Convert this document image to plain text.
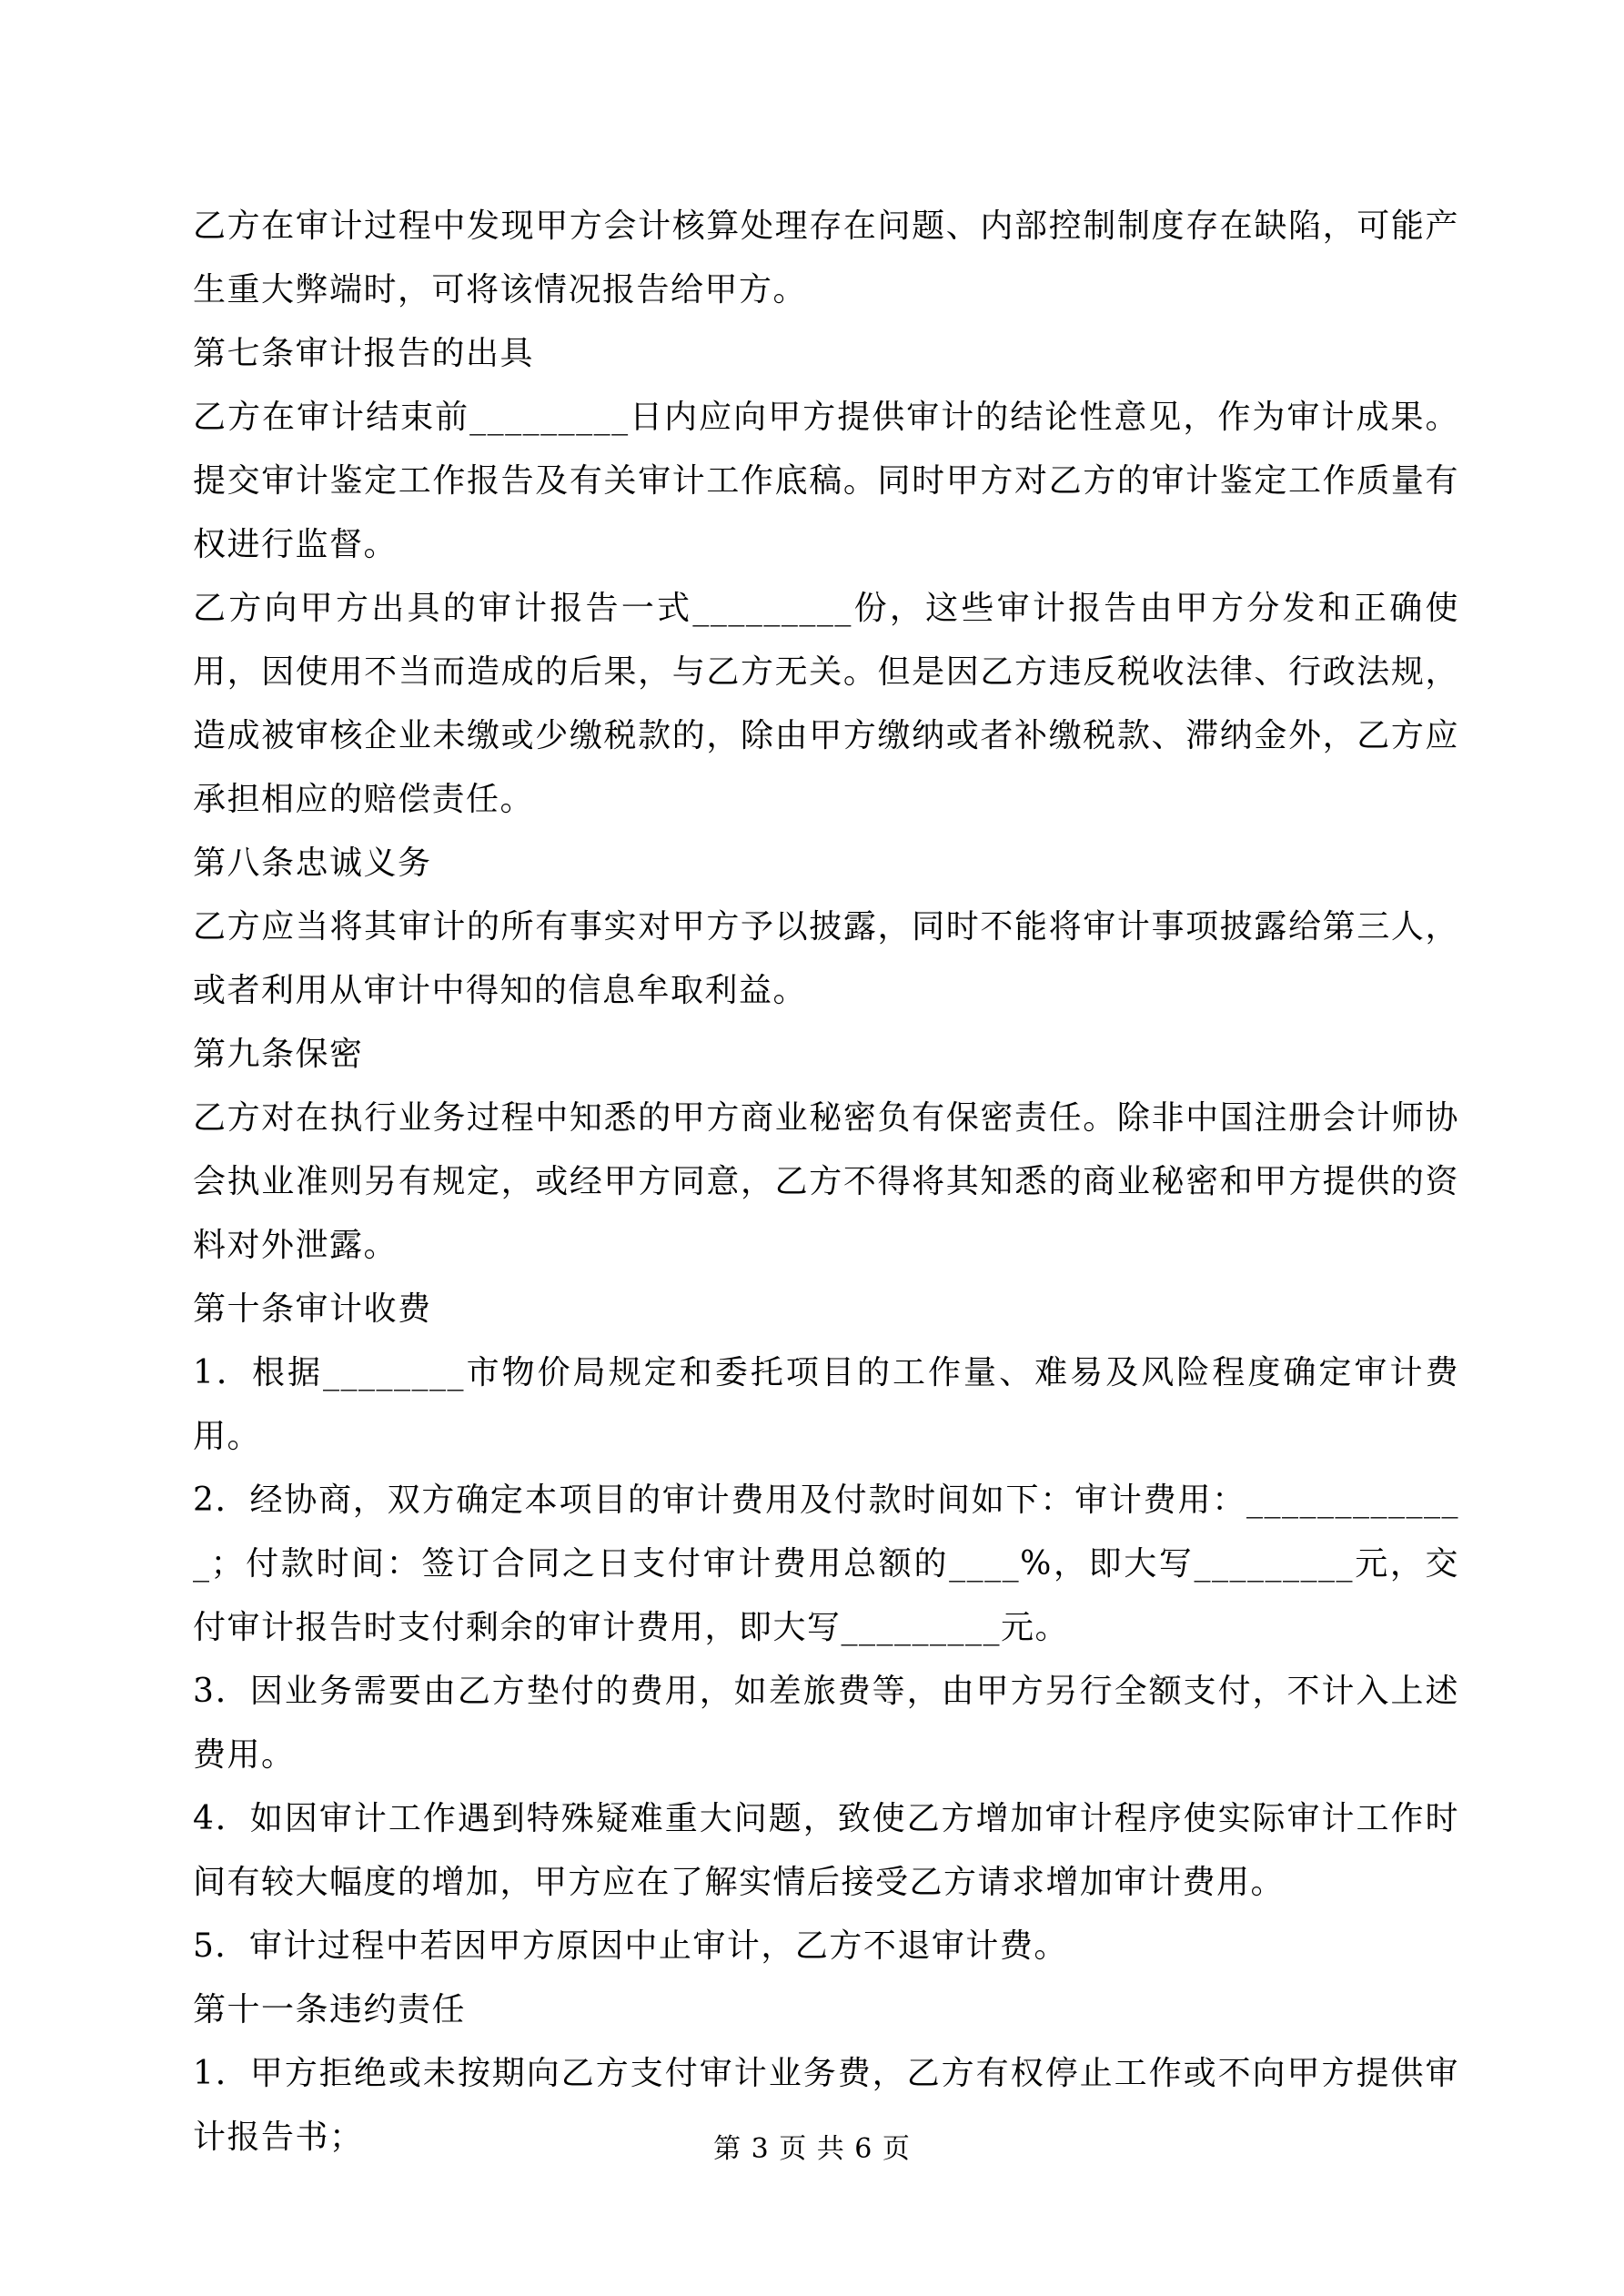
乙方在审计过程中发现甲方会计核算处理存在问题、内部控制制度存在缺陷，可能产生重大弊端时，可将该情况报告给甲方。

第七条审计报告的出具

乙方在审计结束前_________日内应向甲方提供审计的结论性意见，作为审计成果。提交审计鉴定工作报告及有关审计工作底稿。同时甲方对乙方的审计鉴定工作质量有权进行监督。

乙方向甲方出具的审计报告一式_________份，这些审计报告由甲方分发和正确使用，因使用不当而造成的后果，与乙方无关。但是因乙方违反税收法律、行政法规，造成被审核企业未缴或少缴税款的，除由甲方缴纳或者补缴税款、滞纳金外，乙方应承担相应的赔偿责任。

第八条忠诚义务

乙方应当将其审计的所有事实对甲方予以披露，同时不能将审计事项披露给第三人，或者利用从审计中得知的信息牟取利益。

第九条保密

乙方对在执行业务过程中知悉的甲方商业秘密负有保密责任。除非中国注册会计师协会执业准则另有规定，或经甲方同意，乙方不得将其知悉的商业秘密和甲方提供的资料对外泄露。

第十条审计收费

1．根据________市物价局规定和委托项目的工作量、难易及风险程度确定审计费用。

2．经协商，双方确定本项目的审计费用及付款时间如下：审计费用：_____________；付款时间：签订合同之日支付审计费用总额的____%，即大写_________元，交付审计报告时支付剩余的审计费用，即大写_________元。

3．因业务需要由乙方垫付的费用，如差旅费等，由甲方另行全额支付，不计入上述费用。

4．如因审计工作遇到特殊疑难重大问题，致使乙方增加审计程序使实际审计工作时间有较大幅度的增加，甲方应在了解实情后接受乙方请求增加审计费用。

5．审计过程中若因甲方原因中止审计，乙方不退审计费。

第十一条违约责任

1．甲方拒绝或未按期向乙方支付审计业务费，乙方有权停止工作或不向甲方提供审计报告书；	第 3 页 共 6 页
